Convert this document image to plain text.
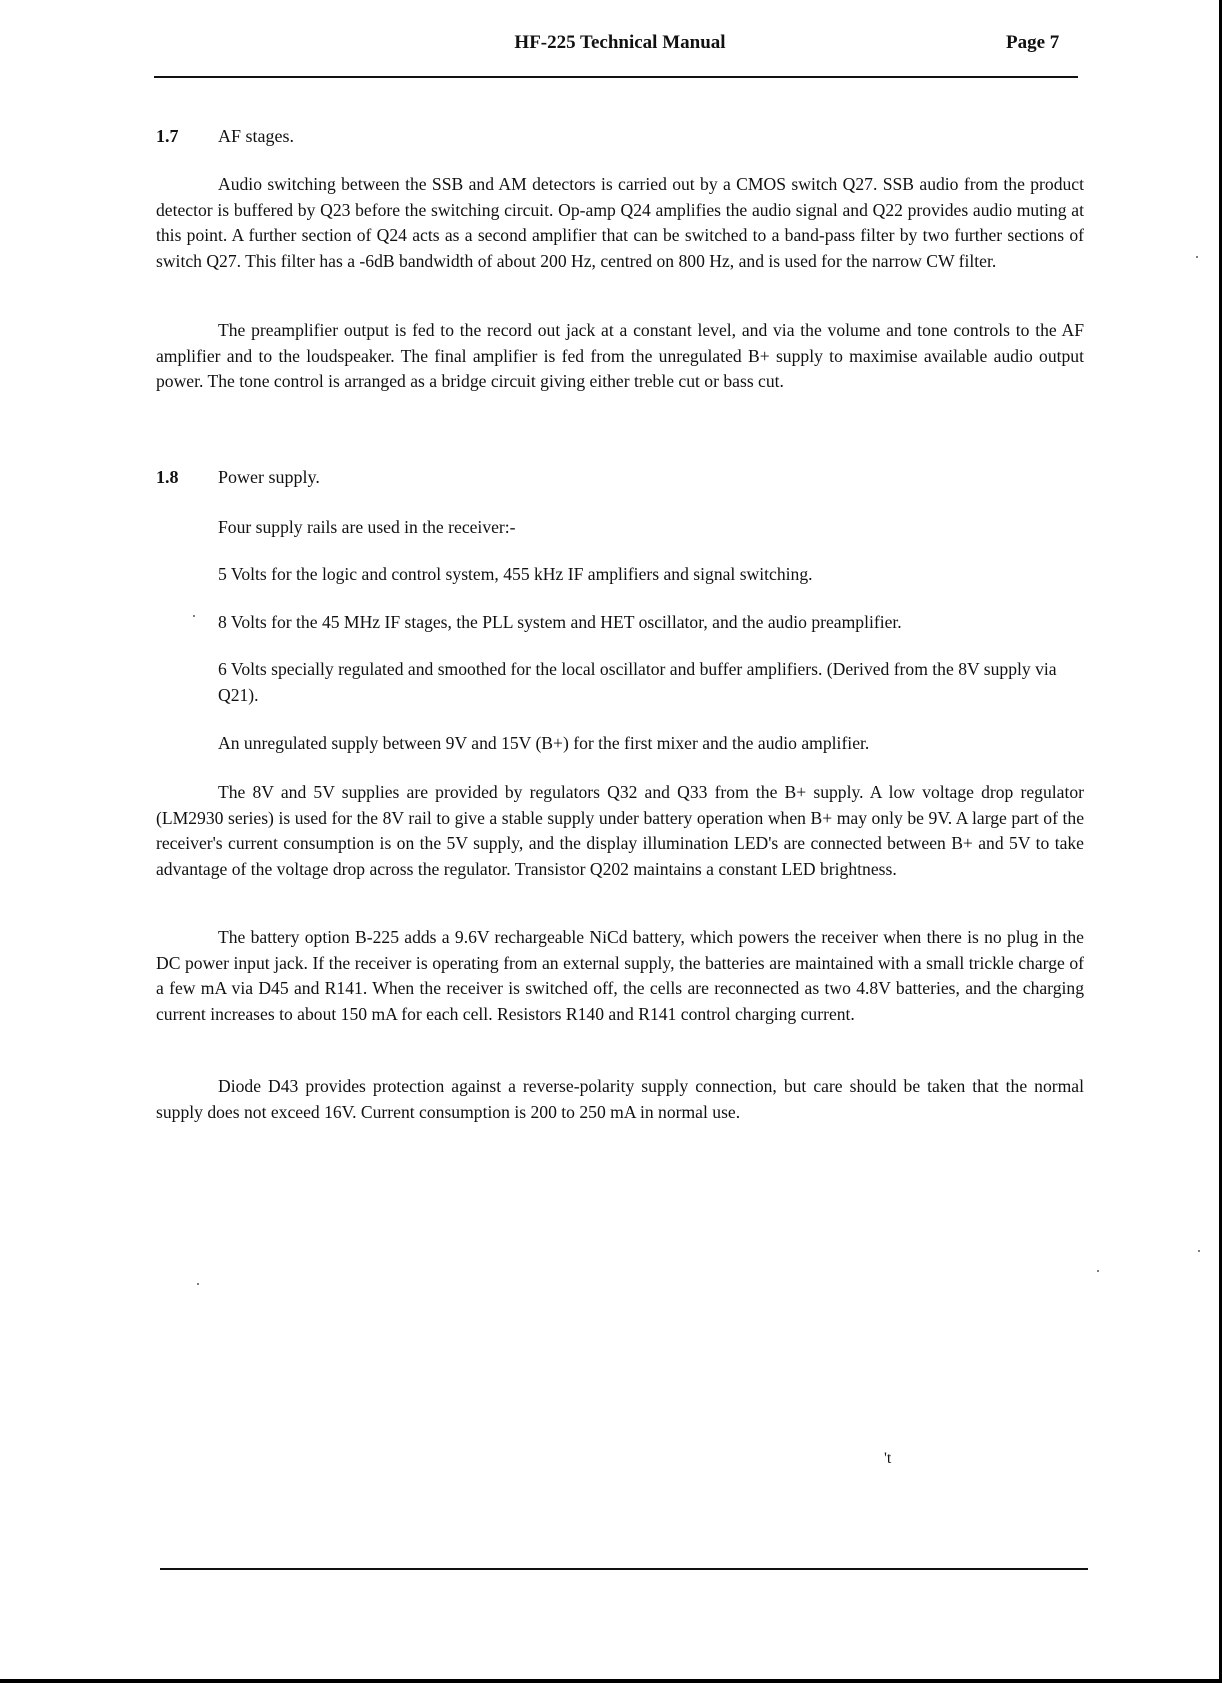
HF-225 Technical Manual	Page 7
1.7 AF stages.

Audio switching between the SSB and AM detectors is carried out by a CMOS switch Q27. SSB audio from the product detector is buffered by Q23 before the switching circuit. Op-amp Q24 amplifies the audio signal and Q22 provides audio muting at this point. A further section of Q24 acts as a second amplifier that can be switched to a band-pass filter by two further sections of switch Q27. This filter has a -6dB bandwidth of about 200 Hz, centred on 800 Hz, and is used for the narrow CW filter.

The preamplifier output is fed to the record out jack at a constant level, and via the volume and tone controls to the AF amplifier and to the loudspeaker. The final amplifier is fed from the unregulated B+ supply to maximise available audio output power. The tone control is arranged as a bridge circuit giving either treble cut or bass cut.

1.8 Power supply.

Four supply rails are used in the receiver:-

5 Volts for the logic and control system, 455 kHz IF amplifiers and signal switching.

8 Volts for the 45 MHz IF stages, the PLL system and HET oscillator, and the audio preamplifier.

6 Volts specially regulated and smoothed for the local oscillator and buffer amplifiers. (Derived from the 8V supply via Q21).

An unregulated supply between 9V and 15V (B+) for the first mixer and the audio amplifier.

The 8V and 5V supplies are provided by regulators Q32 and Q33 from the B+ supply. A low voltage drop regulator (LM2930 series) is used for the 8V rail to give a stable supply under battery operation when B+ may only be 9V. A large part of the receiver's current consumption is on the 5V supply, and the display illumination LED's are connected between B+ and 5V to take advantage of the voltage drop across the regulator. Transistor Q202 maintains a constant LED brightness.

The battery option B-225 adds a 9.6V rechargeable NiCd battery, which powers the receiver when there is no plug in the DC power input jack. If the receiver is operating from an external supply, the batteries are maintained with a small trickle charge of a few mA via D45 and R141. When the receiver is switched off, the cells are reconnected as two 4.8V batteries, and the charging current increases to about 150 mA for each cell. Resistors R140 and R141 control charging current.

Diode D43 provides protection against a reverse-polarity supply connection, but care should be taken that the normal supply does not exceed 16V. Current consumption is 200 to 250 mA in normal use.

't
